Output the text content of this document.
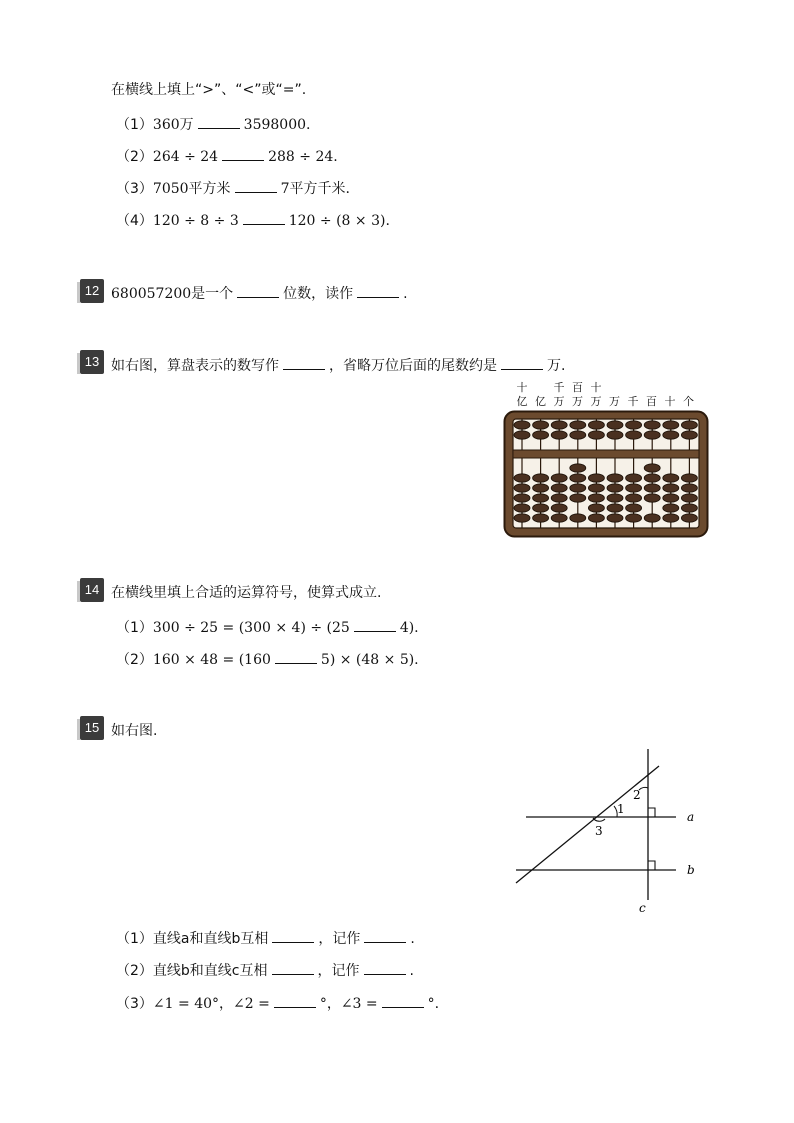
在横线上填上“>”、“<”或“=”.
（1）360万	3598000.
（2）264 ÷ 24	288 ÷ 24.
（3）7050平方米	7平方千米.
（4）120 ÷ 8 ÷ 3	120 ÷ (8 × 3).
12 680057200是一个	位数，读作	.
13 如右图，算盘表示的数写作	，省略万位后面的尾数约是	万.
十
亿 亿
千
万
百
万
十
万 万 千 百 十 个
14 在横线里填上合适的运算符号，使算式成立.
（1）300 ÷ 25 = (300 × 4) ÷ (25	4).
（2）160 × 48 = (160	5) × (48 × 5).
15 如右图.
1
2
3
a
b
c
（1）直线a和直线b互相	，记作	.
（2）直线b和直线c互相	，记作	.
（3）∠1 = 40°，∠2 =	°，∠3 =	°.
